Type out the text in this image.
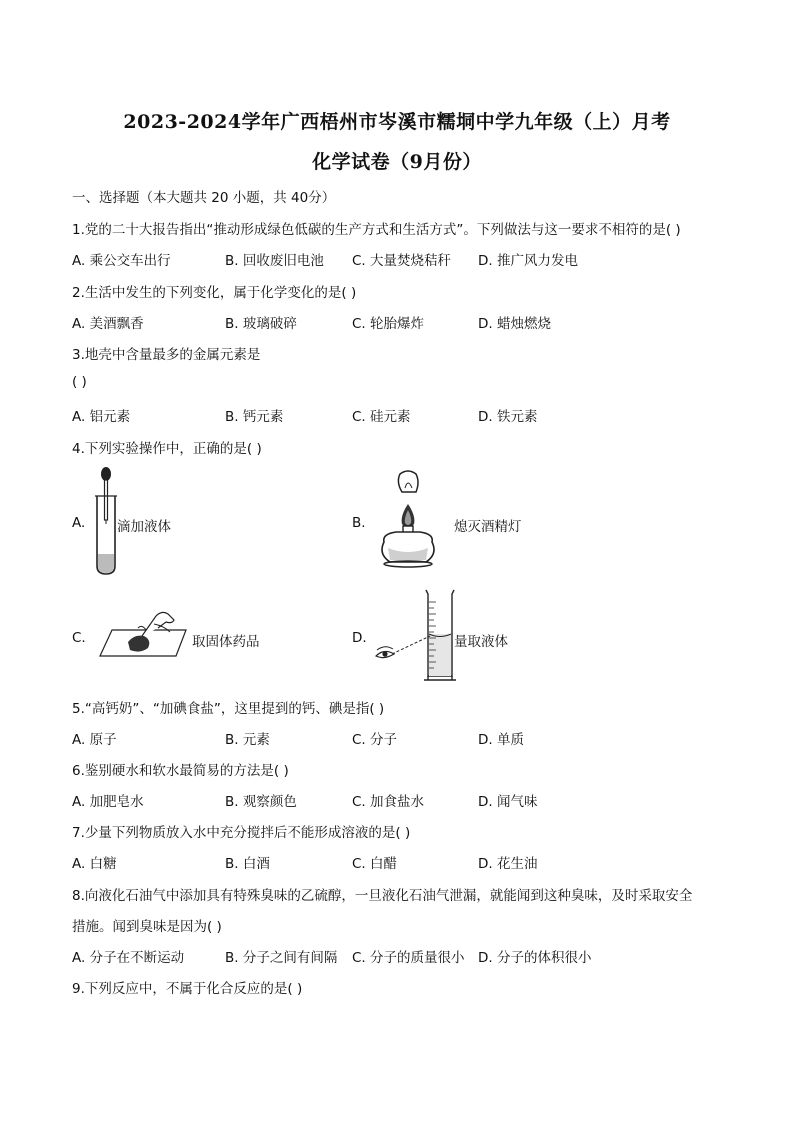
2023-2024学年广西梧州市岑溪市糯垌中学九年级（上）月考
化学试卷（9月份）
一、选择题（本大题共 20 小题，共 40分）
1.党的二十大报告指出“推动形成绿色低碳的生产方式和生活方式”。下列做法与这一要求不相符的是( )
A. 乘公交车出行	B. 回收废旧电池 C. 大量焚烧秸秆 D. 推广风力发电
2.生活中发生的下列变化，属于化学变化的是( )
A. 美酒飘香	B. 玻璃破碎	C. 轮胎爆炸	D. 蜡烛燃烧
3.地壳中含量最多的金属元素是
( )
A. 铝元素	B. 钙元素	C. 硅元素	D. 铁元素
4.下列实验操作中，正确的是( )
A. 滴加液体	B.	熄灭酒精灯
C.	取固体药品	D.	量取液体
5.“高钙奶”、“加碘食盐”，这里提到的钙、碘是指( )
A. 原子	B. 元素	C. 分子	D. 单质
6.鉴别硬水和软水最简易的方法是( )
A. 加肥皂水	B. 观察颜色	C. 加食盐水	D. 闻气味
7.少量下列物质放入水中充分搅拌后不能形成溶液的是( )
A. 白糖	B. 白酒	C. 白醋	D. 花生油
8.向液化石油气中添加具有特殊臭味的乙硫醇，一旦液化石油气泄漏，就能闻到这种臭味，及时采取安全
措施。闻到臭味是因为( )
A. 分子在不断运动	B. 分子之间有间隔 C. 分子的质量很小 D. 分子的体积很小
9.下列反应中，不属于化合反应的是( )
